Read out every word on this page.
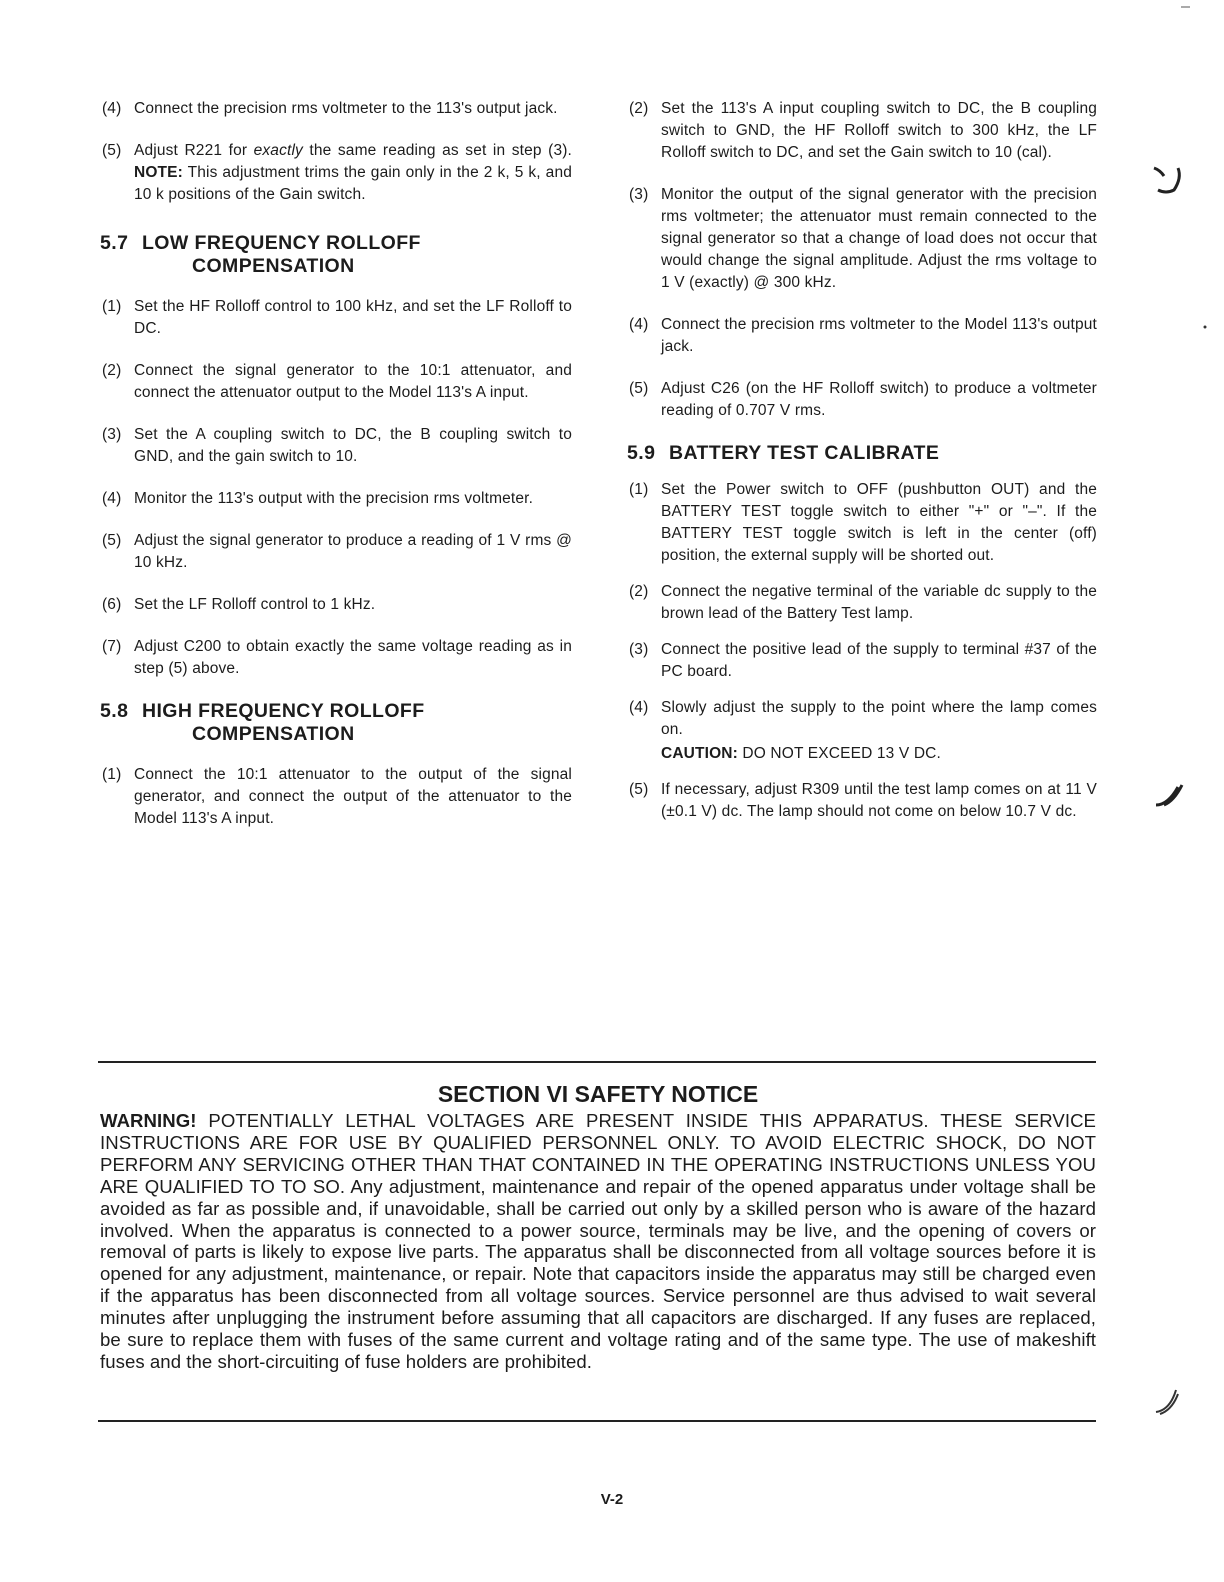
(4) Connect the precision rms voltmeter to the 113's output jack.
(5) Adjust R221 for exactly the same reading as set in step (3). NOTE: This adjustment trims the gain only in the 2 k, 5 k, and 10 k positions of the Gain switch.
5.7 LOW FREQUENCY ROLLOFF
COMPENSATION
(1) Set the HF Rolloff control to 100 kHz, and set the LF Rolloff to DC.
(2) Connect the signal generator to the 10:1 attenuator, and connect the attenuator output to the Model 113's A input.
(3) Set the A coupling switch to DC, the B coupling switch to GND, and the gain switch to 10.
(4) Monitor the 113's output with the precision rms voltmeter.
(5) Adjust the signal generator to produce a reading of 1 V rms @ 10 kHz.
(6) Set the LF Rolloff control to 1 kHz.
(7) Adjust C200 to obtain exactly the same voltage reading as in step (5) above.
5.8 HIGH FREQUENCY ROLLOFF
COMPENSATION
(1) Connect the 10:1 attenuator to the output of the signal generator, and connect the output of the attenuator to the Model 113's A input.
(2) Set the 113's A input coupling switch to DC, the B coupling switch to GND, the HF Rolloff switch to 300 kHz, the LF Rolloff switch to DC, and set the Gain switch to 10 (cal).
(3) Monitor the output of the signal generator with the precision rms voltmeter; the attenuator must remain connected to the signal generator so that a change of load does not occur that would change the signal amplitude. Adjust the rms voltage to 1 V (exactly) @ 300 kHz.
(4) Connect the precision rms voltmeter to the Model 113's output jack.
(5) Adjust C26 (on the HF Rolloff switch) to produce a voltmeter reading of 0.707 V rms.
5.9 BATTERY TEST CALIBRATE
(1) Set the Power switch to OFF (pushbutton OUT) and the BATTERY TEST toggle switch to either "+" or "–". If the BATTERY TEST toggle switch is left in the center (off) position, the external supply will be shorted out.
(2) Connect the negative terminal of the variable dc supply to the brown lead of the Battery Test lamp.
(3) Connect the positive lead of the supply to terminal #37 of the PC board.
(4) Slowly adjust the supply to the point where the lamp comes on.
CAUTION: DO NOT EXCEED 13 V DC.
(5) If necessary, adjust R309 until the test lamp comes on at 11 V (±0.1 V) dc. The lamp should not come on below 10.7 V dc.
SECTION VI SAFETY NOTICE

WARNING! POTENTIALLY LETHAL VOLTAGES ARE PRESENT INSIDE THIS APPARATUS. THESE SERVICE INSTRUCTIONS ARE FOR USE BY QUALIFIED PERSONNEL ONLY. TO AVOID ELECTRIC SHOCK, DO NOT PERFORM ANY SERVICING OTHER THAN THAT CONTAINED IN THE OPERATING INSTRUCTIONS UNLESS YOU ARE QUALIFIED TO TO SO. Any adjustment, maintenance and repair of the opened apparatus under voltage shall be avoided as far as possible and, if unavoidable, shall be carried out only by a skilled person who is aware of the hazard involved. When the apparatus is connected to a power source, terminals may be live, and the opening of covers or removal of parts is likely to expose live parts. The apparatus shall be disconnected from all voltage sources before it is opened for any adjustment, maintenance, or repair. Note that capacitors inside the apparatus may still be charged even if the apparatus has been disconnected from all voltage sources. Service personnel are thus advised to wait several minutes after unplugging the instrument before assuming that all capacitors are discharged. If any fuses are replaced, be sure to replace them with fuses of the same current and voltage rating and of the same type. The use of makeshift fuses and the short-circuiting of fuse holders are prohibited.

V-2
